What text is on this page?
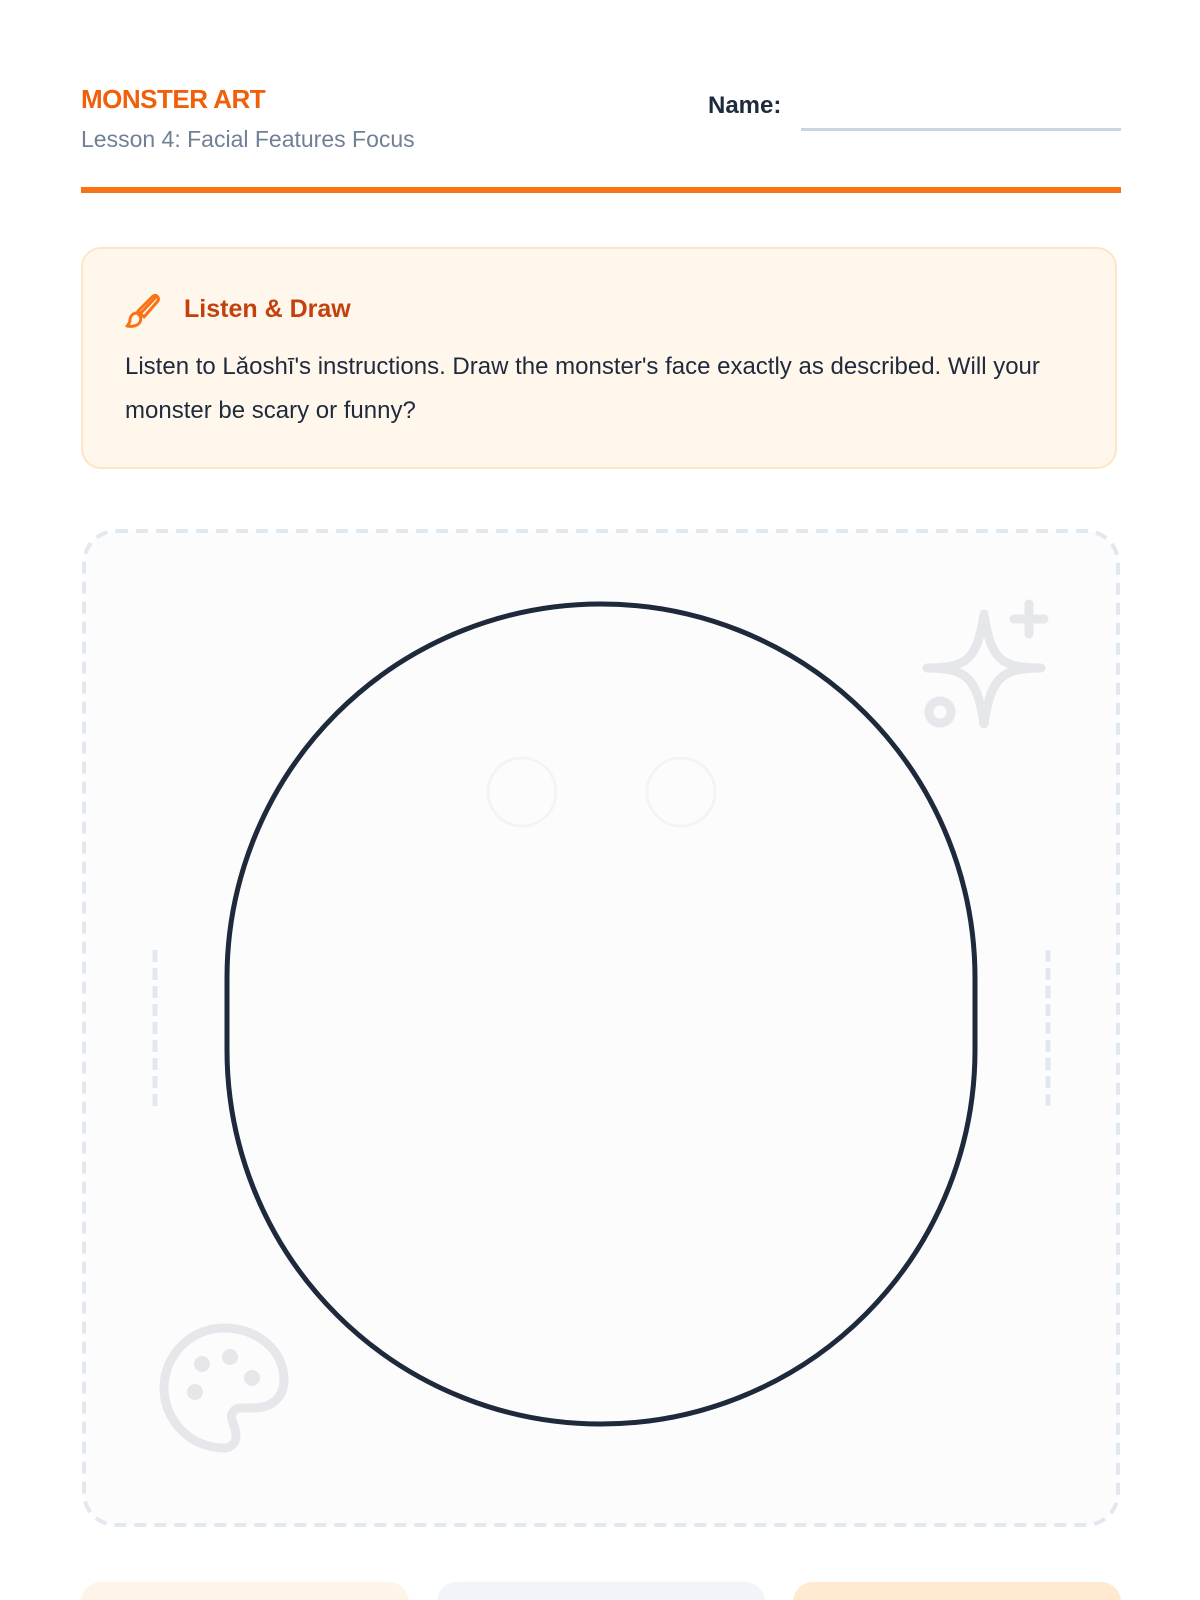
MONSTER ART
Lesson 4: Facial Features Focus
Name:
Listen & Draw
Listen to Lǎoshī's instructions. Draw the monster's face exactly as described. Will your monster be scary or funny?
